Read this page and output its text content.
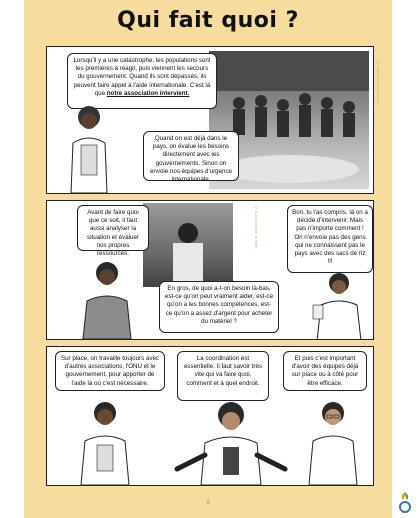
Qui fait quoi ?
Lorsqu'il y a une catastrophe, les populations sont les premières à réagir, puis viennent les secours du gouvernement. Quand ils sont dépassés, ils peuvent faire appel à l'aide internationale. C'est là que notre association intervient.
Quand on est déjà dans le pays, on évalue les besoins directement avec les gouvernements. Sinon on envoie nos équipes d'urgence internationale.
© Action contre la Faim
Avant de faire quoi que ce soit, il faut aussi analyser la situation et évaluer nos propres ressources.
En gros, de quoi a-t-on besoin là-bas, est-ce qu'on peut vraiment aider, est-ce qu'on a les bonnes compétences, est-ce qu'on a assez d'argent pour acheter du matériel ?
Bon, tu l'as compris, là on a décidé d'intervenir. Mais pas n'importe comment ! On n'envoie pas des gens qui ne connaissent pas le pays avec des sacs de riz !!!
© Action contre la Faim
Sur place, on travaille toujours avec d'autres associations, l'ONU et le gouvernement, pour apporter de l'aide là où c'est nécessaire.
La coordination est essentielle. Il faut savoir très vite qui va faire quoi, comment et à quel endroit.
Et puis c'est important d'avoir des équipes déjà sur place ou à côté pour être efficace.
2
